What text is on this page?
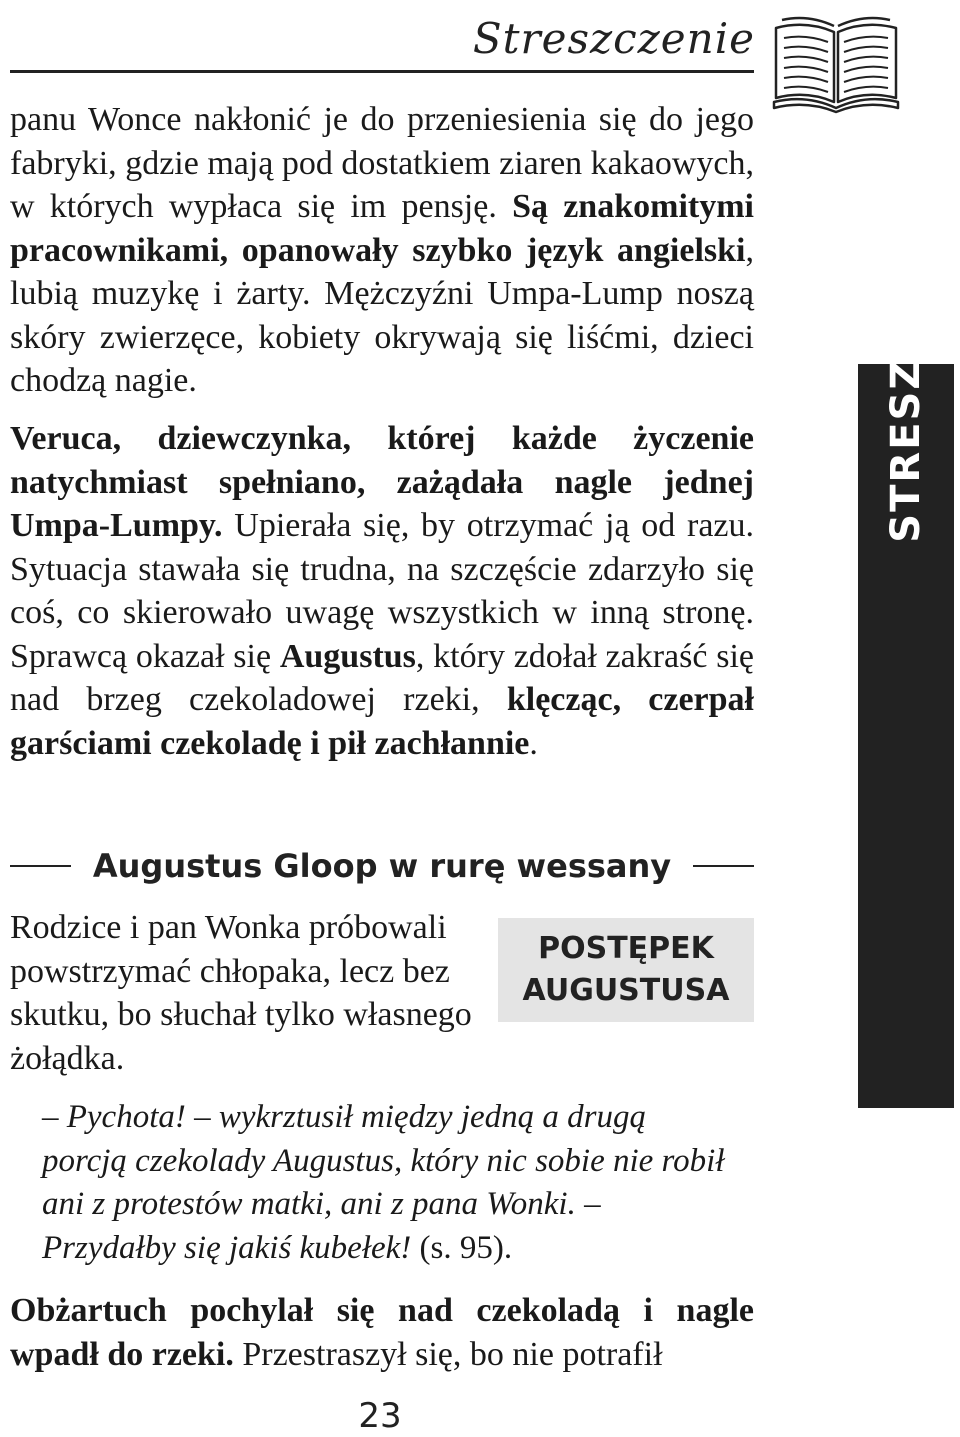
Streszczenie
STRESZCZENIE
panu Wonce nakłonić je do przeniesienia się do jego fabryki, gdzie mają pod dostatkiem ziaren kakaowych, w których wypłaca się im pensję. Są znakomitymi pracownikami, opanowały szybko język angielski, lubią muzykę i żarty. Mężczyźni Umpa-Lump noszą skóry zwierzęce, kobiety okrywają się liśćmi, dzieci chodzą nagie.
Veruca, dziewczynka, której każde życzenie natychmiast spełniano, zażądała nagle jednej Umpa-Lumpy. Upierała się, by otrzymać ją od razu. Sytuacja stawała się trudna, na szczęście zdarzyło się coś, co skierowało uwagę wszystkich w inną stronę. Sprawcą okazał się Augustus, który zdołał zakraść się nad brzeg czekoladowej rzeki, klęcząc, czerpał garściami czekoladę i pił zachłannie.
Augustus Gloop w rurę wessany
Rodzice i pan Wonka próbowali powstrzymać chłopaka, lecz bez skutku, bo słuchał tylko własnego żołądka.
POSTĘPEK
AUGUSTUSA
– Pychota! – wykrztusił między jedną a drugą porcją czekolady Augustus, który nic sobie nie robił ani z protestów matki, ani z pana Wonki. – Przydałby się jakiś kubełek! (s. 95).
Obżartuch pochylał się nad czekoladą i nagle wpadł do rzeki. Przestraszył się, bo nie potrafił
23
